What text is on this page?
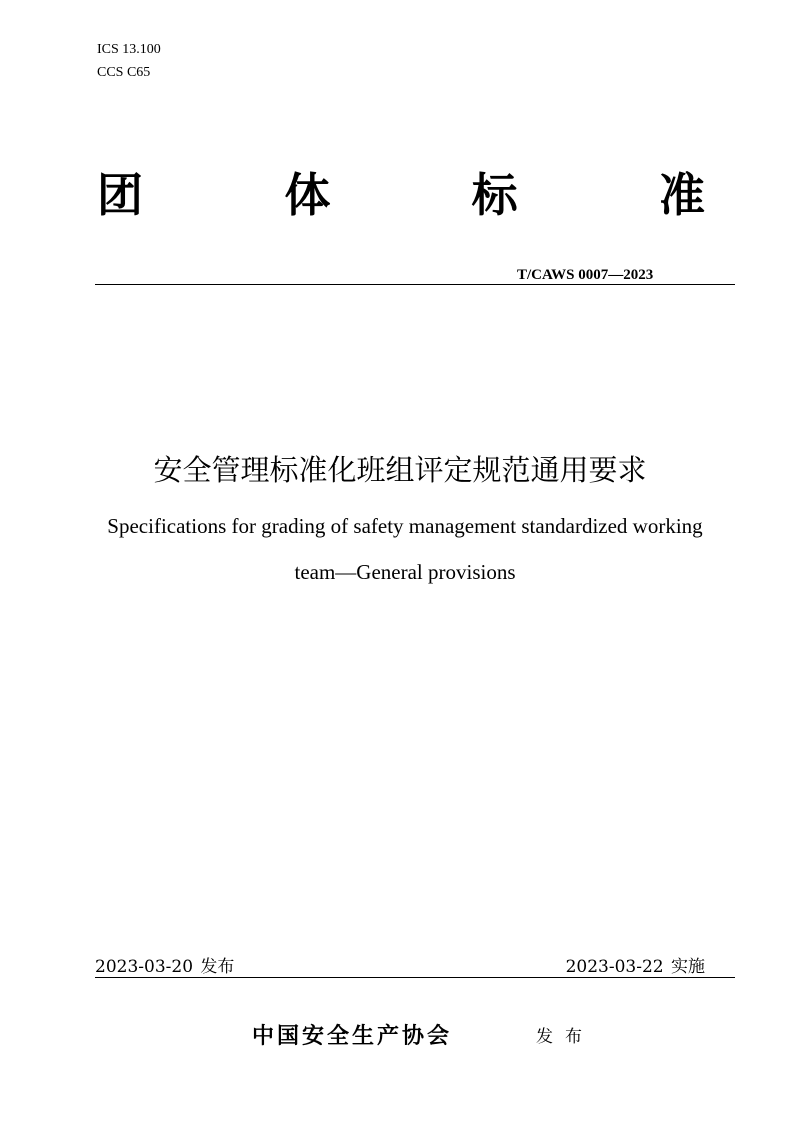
ICS 13.100
CCS C65
团	体	标	准
T/CAWS 0007—2023
安全管理标准化班组评定规范通用要求
Specifications for grading of safety management standardized working
team—General provisions
2023-03-20 发布	2023-03-22 实施
中国安全生产协会	发布
